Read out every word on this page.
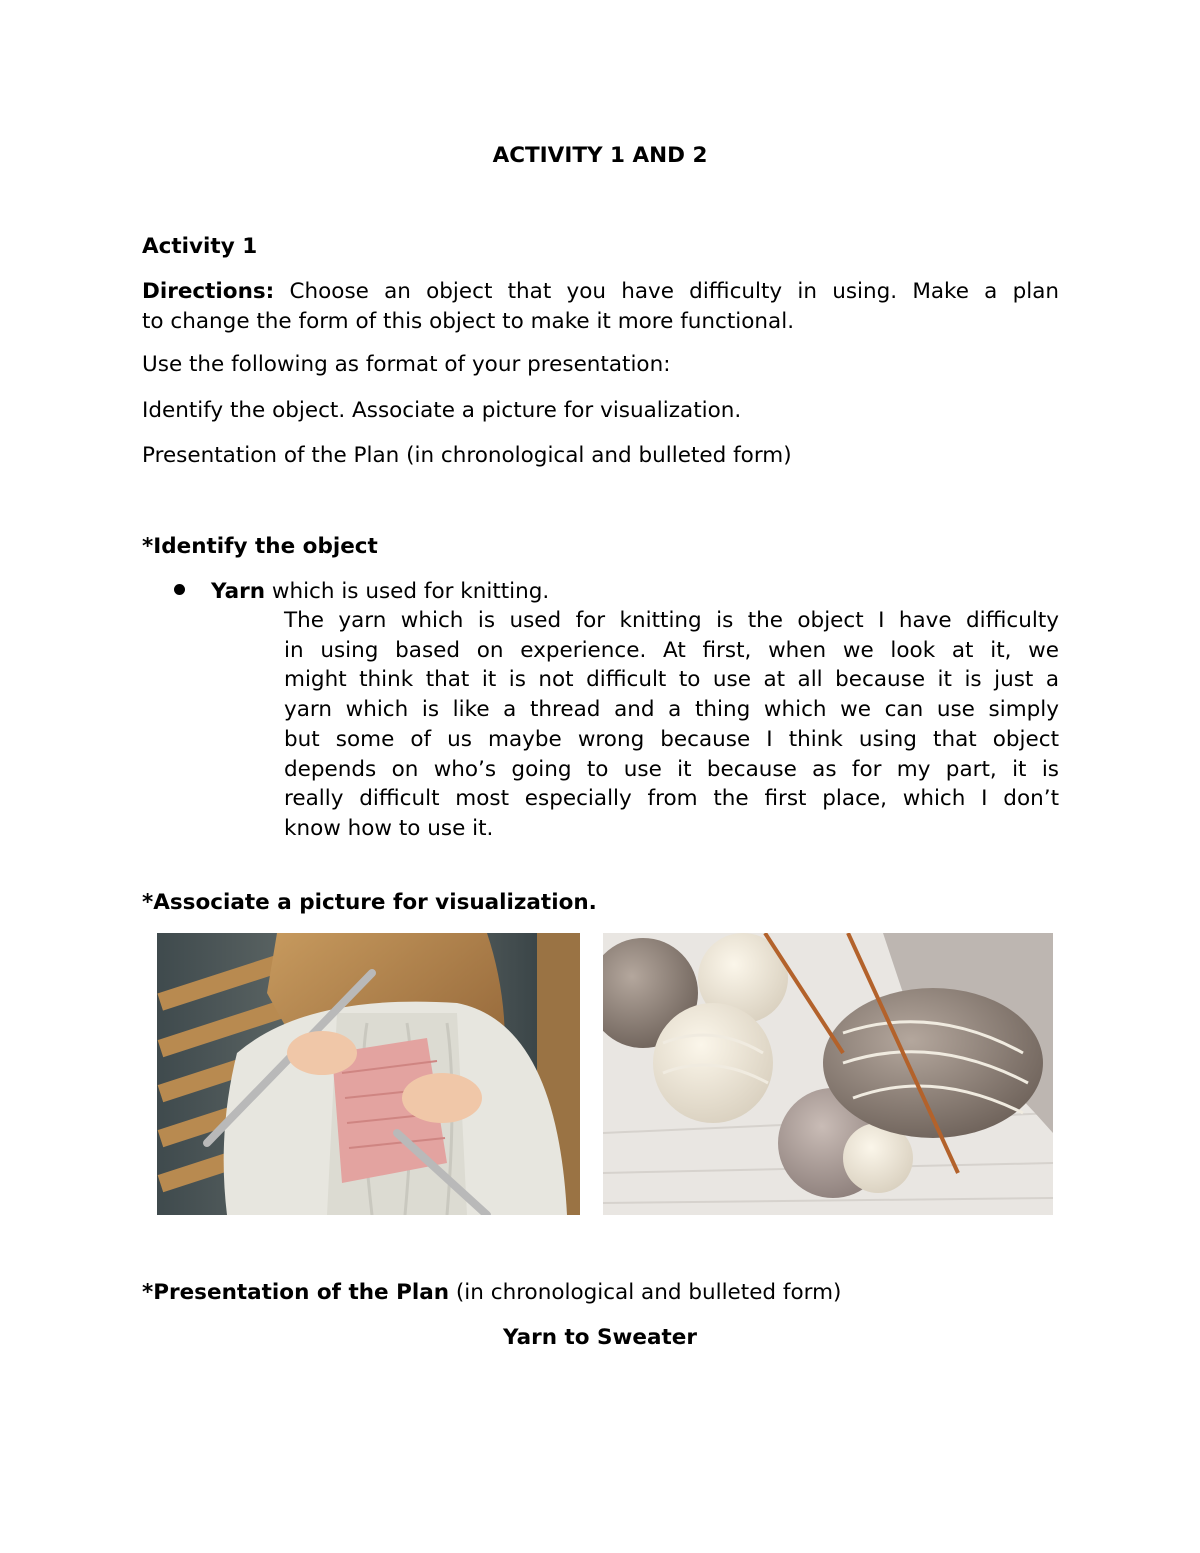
ACTIVITY 1 AND 2
Activity 1
Directions: Choose an object that you have difficulty in using. Make a plan
to change the form of this object to make it more functional.
Use the following as format of your presentation:
Identify the object. Associate a picture for visualization.
Presentation of the Plan (in chronological and bulleted form)
*Identify the object
Yarn which is used for knitting.
The yarn which is used for knitting is the object I have difficulty
in using based on experience. At first, when we look at it, we
might think that it is not difficult to use at all because it is just a
yarn which is like a thread and a thing which we can use simply
but some of us maybe wrong because I think using that object
depends on who’s going to use it because as for my part, it is
really difficult most especially from the first place, which I don’t
know how to use it.
*Associate a picture for visualization.
*Presentation of the Plan (in chronological and bulleted form)
Yarn to Sweater
